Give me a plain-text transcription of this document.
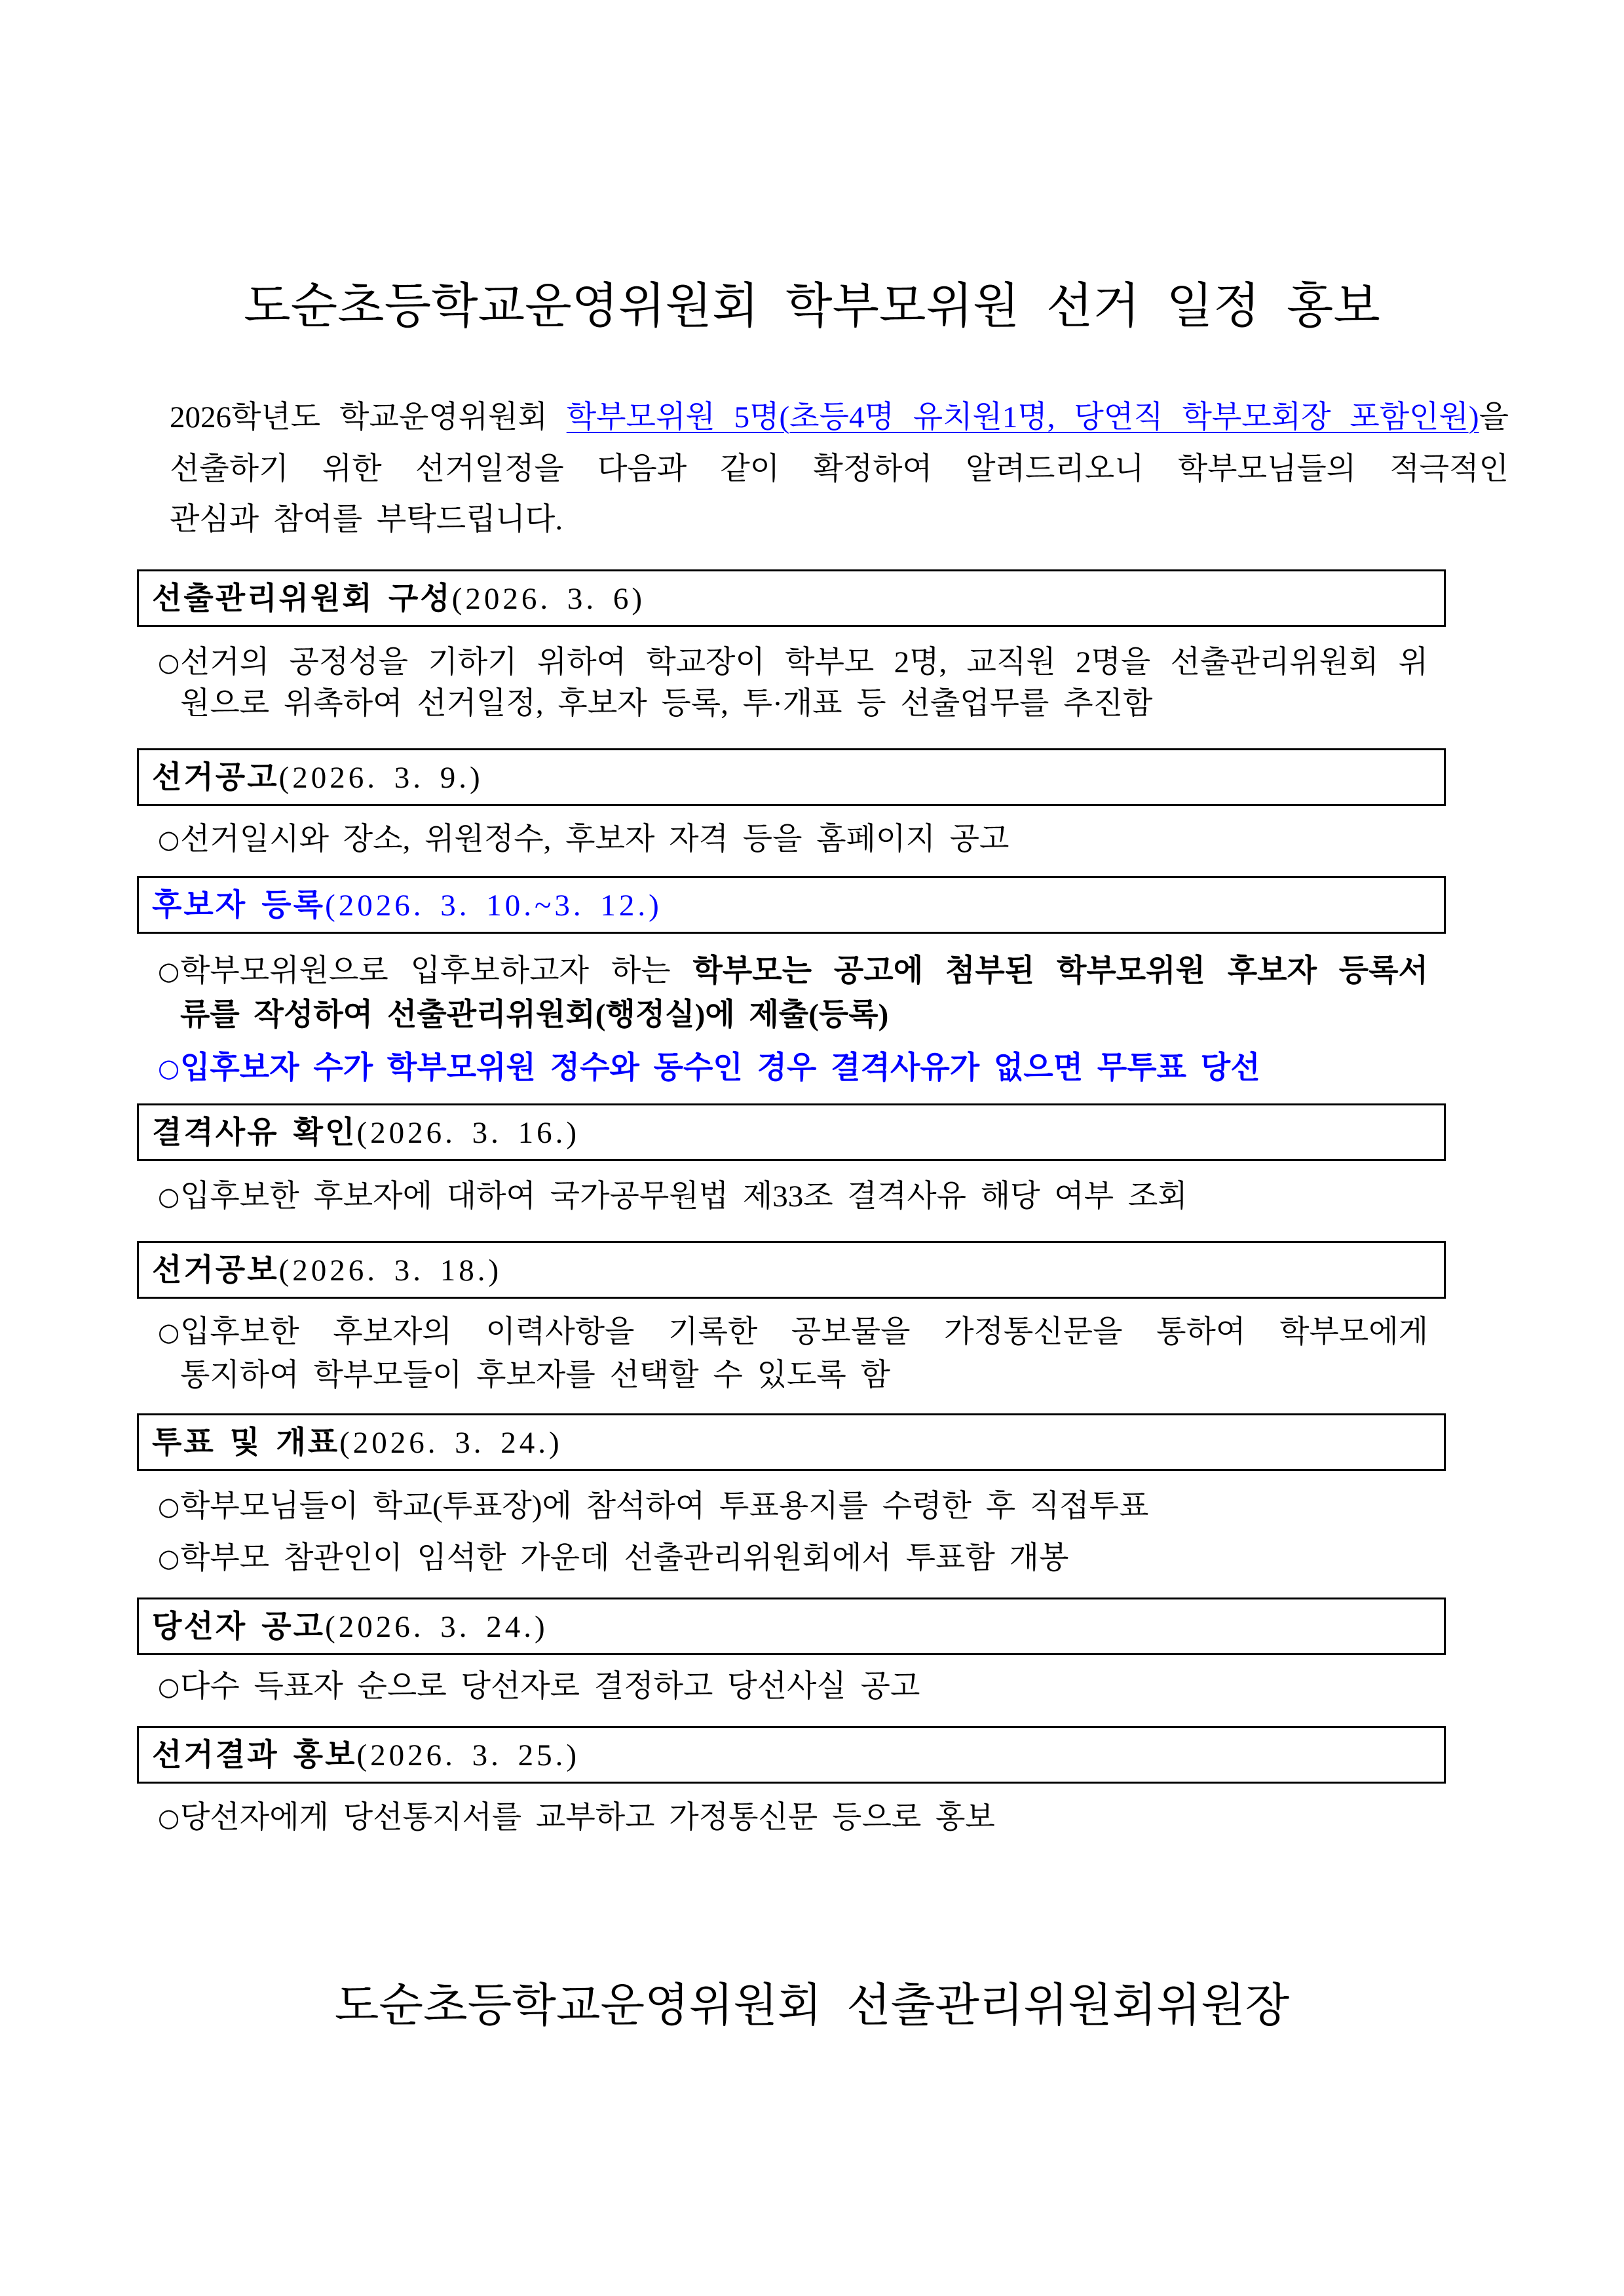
도순초등학교운영위원회 학부모위원 선거 일정 홍보
2026학년도 학교운영위원회 학부모위원 5명(초등4명 유치원1명, 당연직 학부모회장 포함인원)을
선출하기 위한 선거일정을 다음과 같이 확정하여 알려드리오니 학부모님들의 적극적인
관심과 참여를 부탁드립니다.
선출관리위원회 구성(2026. 3. 6)
○ 선거의 공정성을 기하기 위하여 학교장이 학부모 2명, 교직원 2명을 선출관리위원회 위
원으로 위촉하여 선거일정, 후보자 등록, 투·개표 등 선출업무를 추진함
선거공고(2026. 3. 9.)
○ 선거일시와 장소, 위원정수, 후보자 자격 등을 홈페이지 공고
후보자 등록(2026. 3. 10.~3. 12.)
○ 학부모위원으로 입후보하고자 하는 학부모는 공고에 첨부된 학부모위원 후보자 등록서
류를 작성하여 선출관리위원회(행정실)에 제출(등록)
○ 입후보자 수가 학부모위원 정수와 동수인 경우 결격사유가 없으면 무투표 당선
결격사유 확인(2026. 3. 16.)
○ 입후보한 후보자에 대하여 국가공무원법 제33조 결격사유 해당 여부 조회
선거공보(2026. 3. 18.)
○ 입후보한 후보자의 이력사항을 기록한 공보물을 가정통신문을 통하여 학부모에게
통지하여 학부모들이 후보자를 선택할 수 있도록 함
투표 및 개표(2026. 3. 24.)
○ 학부모님들이 학교(투표장)에 참석하여 투표용지를 수령한 후 직접투표
○ 학부모 참관인이 임석한 가운데 선출관리위원회에서 투표함 개봉
당선자 공고(2026. 3. 24.)
○ 다수 득표자 순으로 당선자로 결정하고 당선사실 공고
선거결과 홍보(2026. 3. 25.)
○ 당선자에게 당선통지서를 교부하고 가정통신문 등으로 홍보
도순초등학교운영위원회 선출관리위원회위원장
